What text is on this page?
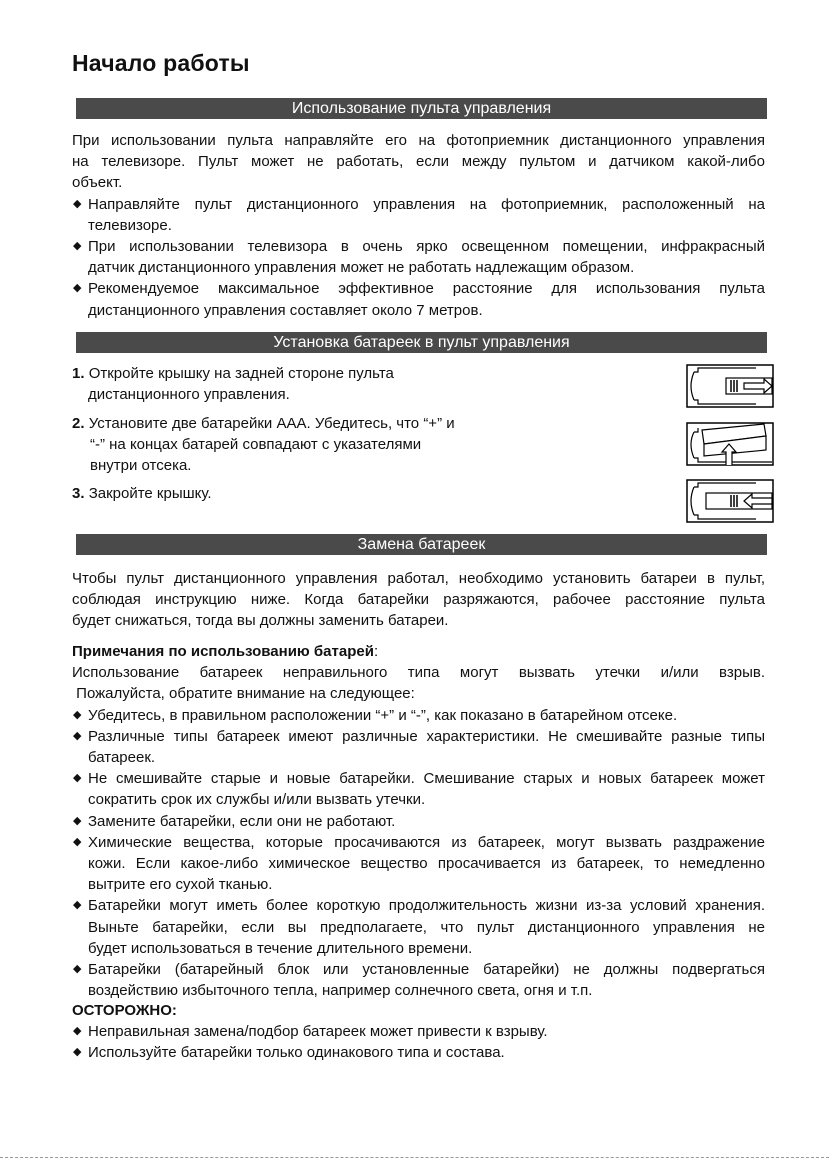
Начало работы
Использование пульта управления
При использовании пульта направляйте его на фотоприемник дистанционного управления
на телевизоре. Пульт может не работать, если между пультом и датчиком какой-либо
объект.
◆ Направляйте пульт дистанционного управления на фотоприемник, расположенный на
телевизоре.
◆ При использовании телевизора в очень ярко освещенном помещении, инфракрасный
датчик дистанционного управления может не работать надлежащим образом.
◆ Рекомендуемое максимальное эффективное расстояние для использования пульта
дистанционного управления составляет около 7 метров.
Установка батареек в пульт управления
1. Откройте крышку на задней стороне пульта
дистанционного управления.
2. Установите две батарейки ААА. Убедитесь, что “+” и
“-” на концах батарей совпадают с указателями
внутри отсека.
3. Закройте крышку.
Замена батареек
Чтобы пульт дистанционного управления работал, необходимо установить батареи в пульт,
соблюдая инструкцию ниже. Когда батарейки разряжаются, рабочее расстояние пульта
будет снижаться, тогда вы должны заменить батареи.
Примечания по использованию батарей:
Использование батареек неправильного типа могут вызвать утечки и/или взрыв.
Пожалуйста, обратите внимание на следующее:
◆ Убедитесь, в правильном расположении “+” и “-”, как показано в батарейном отсеке.
◆ Различные типы батареек имеют различные характеристики. Не смешивайте разные типы
батареек.
◆ Не смешивайте старые и новые батарейки. Смешивание старых и новых батареек может
сократить срок их службы и/или вызвать утечки.
◆ Замените батарейки, если они не работают.
◆ Химические вещества, которые просачиваются из батареек, могут вызвать раздражение
кожи. Если какое-либо химическое вещество просачивается из батареек, то немедленно
вытрите его сухой тканью.
◆ Батарейки могут иметь более короткую продолжительность жизни из-за условий хранения.
Выньте батарейки, если вы предполагаете, что пульт дистанционного управления не
будет использоваться в течение длительного времени.
◆ Батарейки (батарейный блок или установленные батарейки) не должны подвергаться
воздействию избыточного тепла, например солнечного света, огня и т.п.
ОСТОРОЖНО:
◆ Неправильная замена/подбор батареек может привести к взрыву.
◆ Используйте батарейки только одинакового типа и состава.
